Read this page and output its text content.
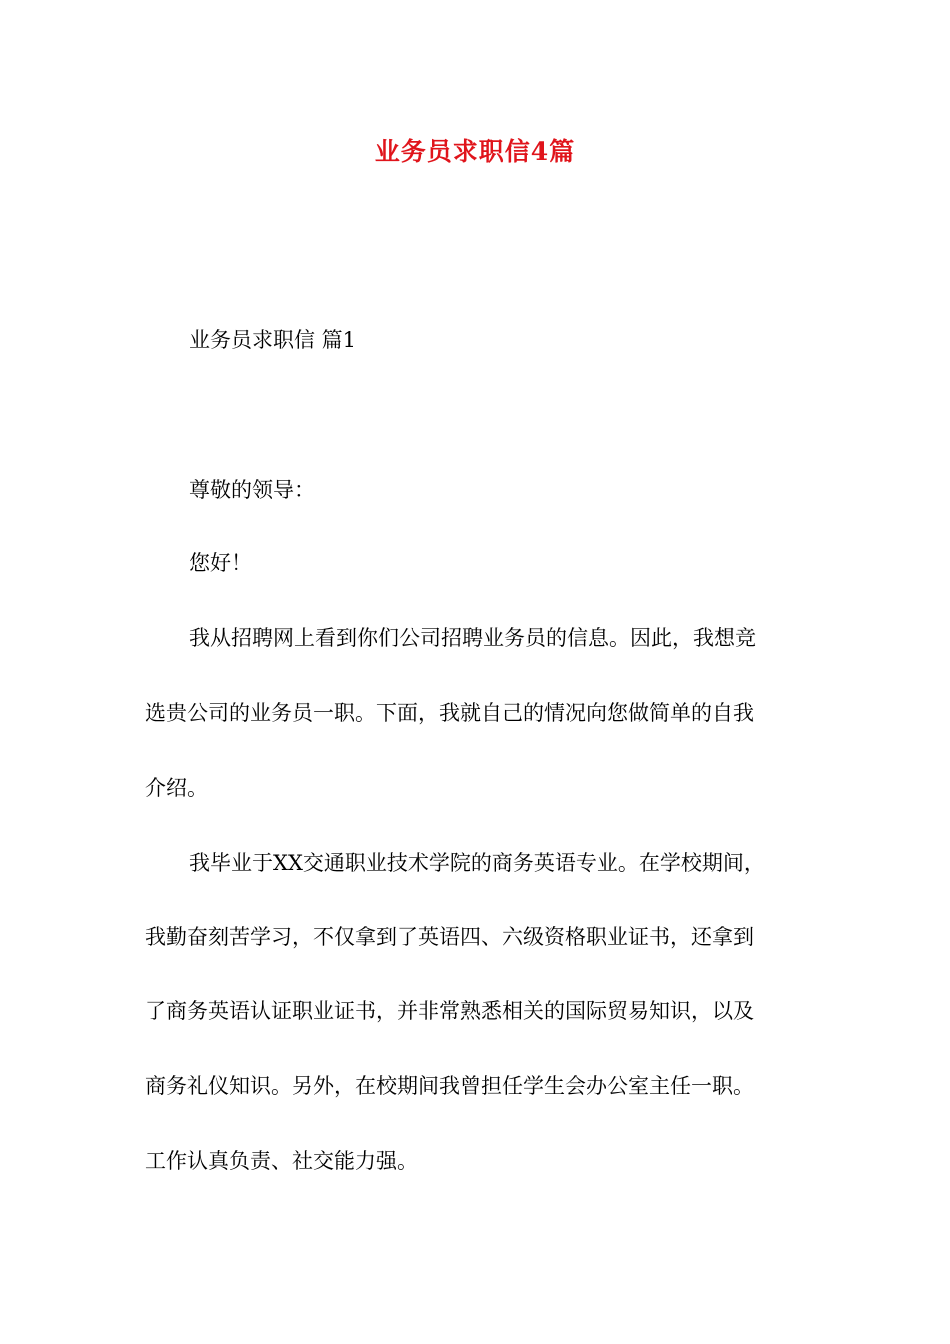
业务员求职信4篇
业务员求职信 篇1
尊敬的领导：
您好！
我从招聘网上看到你们公司招聘业务员的信息。因此，我想竞
选贵公司的业务员一职。下面，我就自己的情况向您做简单的自我
介绍。
我毕业于XX交通职业技术学院的商务英语专业。在学校期间，
我勤奋刻苦学习，不仅拿到了英语四、六级资格职业证书，还拿到
了商务英语认证职业证书，并非常熟悉相关的国际贸易知识，以及
商务礼仪知识。另外，在校期间我曾担任学生会办公室主任一职。
工作认真负责、社交能力强。
